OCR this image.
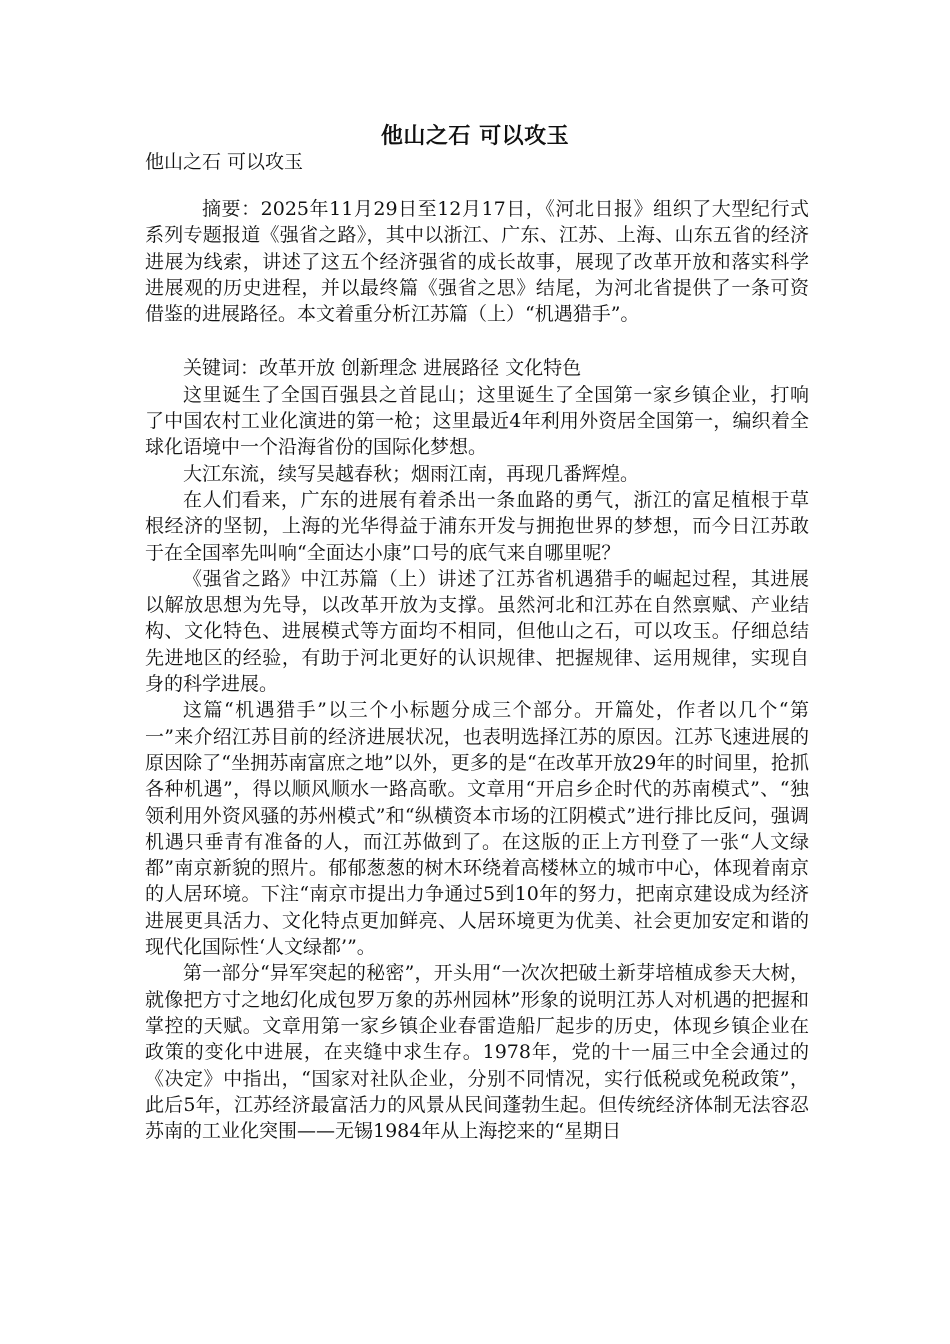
他山之石 可以攻玉
他山之石 可以攻玉

摘要：2025年11月29日至12月17日，《河北日报》组织了大型纪行式系列专题报道《强省之路》，其中以浙江、广东、江苏、上海、山东五省的经济进展为线索，讲述了这五个经济强省的成长故事，展现了改革开放和落实科学进展观的历史进程，并以最终篇《强省之思》结尾，为河北省提供了一条可资借鉴的进展路径。本文着重分析江苏篇（上）“机遇猎手”。

关键词：改革开放 创新理念 进展路径 文化特色

这里诞生了全国百强县之首昆山；这里诞生了全国第一家乡镇企业，打响了中国农村工业化演进的第一枪；这里最近4年利用外资居全国第一，编织着全球化语境中一个沿海省份的国际化梦想。

大江东流，续写吴越春秋；烟雨江南，再现几番辉煌。

在人们看来，广东的进展有着杀出一条血路的勇气，浙江的富足植根于草根经济的坚韧，上海的光华得益于浦东开发与拥抱世界的梦想，而今日江苏敢于在全国率先叫响“全面达小康”口号的底气来自哪里呢？

《强省之路》中江苏篇（上）讲述了江苏省机遇猎手的崛起过程，其进展以解放思想为先导，以改革开放为支撑。虽然河北和江苏在自然禀赋、产业结构、文化特色、进展模式等方面均不相同，但他山之石，可以攻玉。仔细总结先进地区的经验，有助于河北更好的认识规律、把握规律、运用规律，实现自身的科学进展。

这篇“机遇猎手”以三个小标题分成三个部分。开篇处，作者以几个“第一”来介绍江苏目前的经济进展状况，也表明选择江苏的原因。江苏飞速进展的原因除了“坐拥苏南富庶之地”以外，更多的是“在改革开放29年的时间里，抢抓各种机遇”，得以顺风顺水一路高歌。文章用“开启乡企时代的苏南模式”、“独领利用外资风骚的苏州模式”和“纵横资本市场的江阴模式”进行排比反问，强调机遇只垂青有准备的人，而江苏做到了。在这版的正上方刊登了一张“人文绿都”南京新貌的照片。郁郁葱葱的树木环绕着高楼林立的城市中心，体现着南京的人居环境。下注“南京市提出力争通过5到10年的努力，把南京建设成为经济进展更具活力、文化特点更加鲜亮、人居环境更为优美、社会更加安定和谐的现代化国际性‘人文绿都’”。

第一部分“异军突起的秘密”，开头用“一次次把破土新芽培植成参天大树，就像把方寸之地幻化成包罗万象的苏州园林”形象的说明江苏人对机遇的把握和掌控的天赋。文章用第一家乡镇企业春雷造船厂起步的历史，体现乡镇企业在政策的变化中进展，在夹缝中求生存。1978年，党的十一届三中全会通过的《决定》中指出，“国家对社队企业，分别不同情况，实行低税或免税政策”，此后5年，江苏经济最富活力的风景从民间蓬勃生起。但传统经济体制无法容忍苏南的工业化突围——无锡1984年从上海挖来的“星期日
